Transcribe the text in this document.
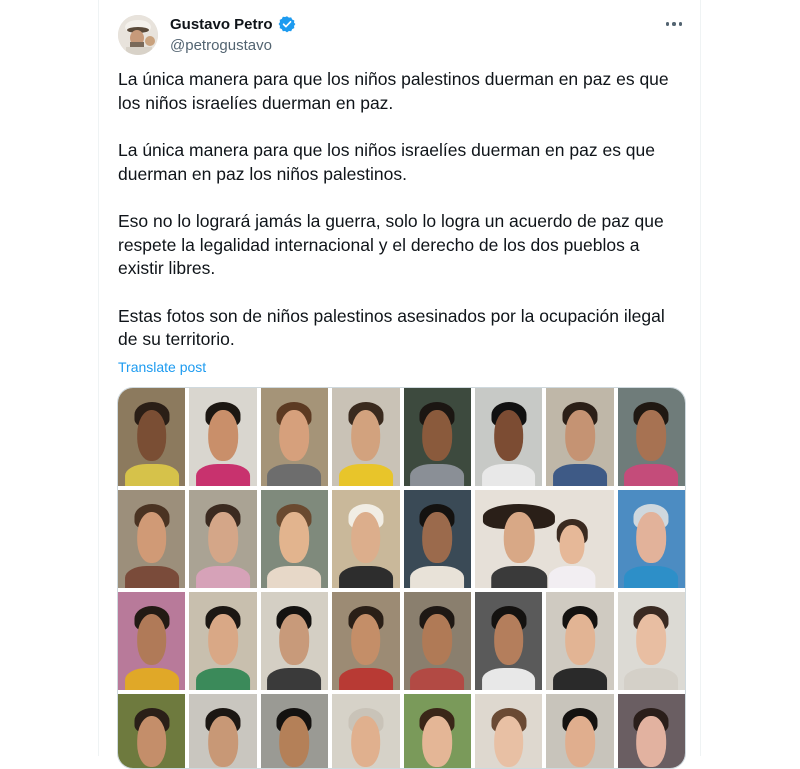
Gustavo Petro
@petrogustavo

La única manera para que los niños palestinos duerman en paz es que los niños israelíes duerman en paz.

La única manera para que los niños israelíes duerman en paz es que duerman en paz los niños palestinos.

Eso no lo logrará jamás la guerra, solo lo logra un acuerdo de paz que respete la legalidad internacional y el derecho de los dos pueblos a existir libres.

Estas fotos son de niños palestinos asesinados por la ocupación ilegal de su territorio.

Translate post
